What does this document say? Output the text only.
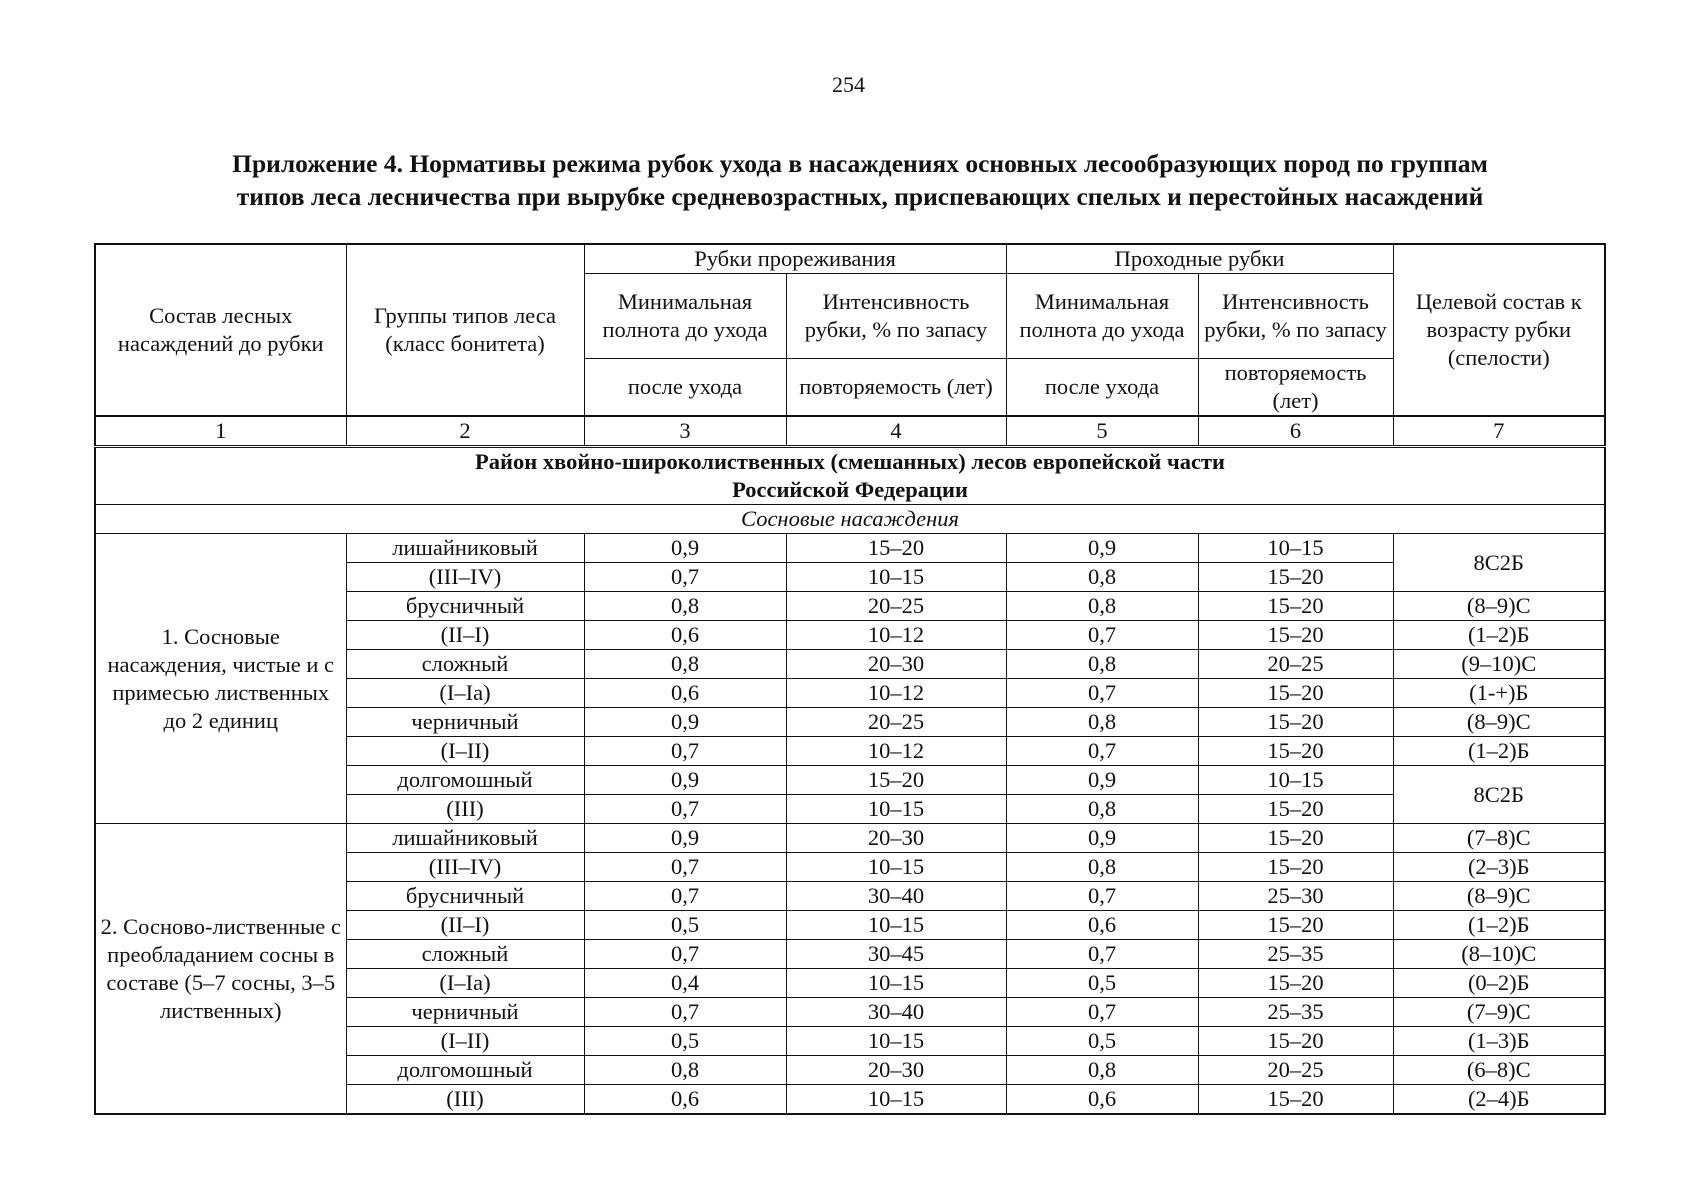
254
Приложение 4. Нормативы режима рубок ухода в насаждениях основных лесообразующих пород по группам
типов леса лесничества при вырубке средневозрастных, приспевающих спелых и перестойных насаждений
Состав лесных насаждений до рубки	Группы типов леса (класс бонитета)	Рубки прореживания		Проходные рубки		Целевой состав к возрасту рубки (спелости)
		Минимальная полнота до ухода	Интенсивность рубки, % по запасу	Минимальная полнота до ухода	Интенсивность рубки, % по запасу	
		после ухода	повторяемость (лет)	после ухода	повторяемость (лет)	
1	2	3	4	5	6	7

Район хвойно-широколиственных (смешанных) лесов европейской части
Российской Федерации						

Сосновые насаждения						
1. Сосновые насаждения, чистые и с примесью лиственных до 2 единиц	лишайниковый	0,9	15–20	0,9	10–15	8С2Б
	(III–IV)	0,7	10–15	0,8	15–20	
	брусничный	0,8	20–25	0,8	15–20	(8–9)С
	(II–I)	0,6	10–12	0,7	15–20	(1–2)Б
	сложный	0,8	20–30	0,8	20–25	(9–10)С
	(I–Ia)	0,6	10–12	0,7	15–20	(1-+)Б
	черничный	0,9	20–25	0,8	15–20	(8–9)С
	(I–II)	0,7	10–12	0,7	15–20	(1–2)Б
	долгомошный	0,9	15–20	0,9	10–15	8С2Б
	(III)	0,7	10–15	0,8	15–20	
2. Сосново-лиственные с преобладанием сосны в составе (5–7 сосны, 3–5 лиственных)	лишайниковый	0,9	20–30	0,9	15–20	(7–8)С
	(III–IV)	0,7	10–15	0,8	15–20	(2–3)Б
	брусничный	0,7	30–40	0,7	25–30	(8–9)С
	(II–I)	0,5	10–15	0,6	15–20	(1–2)Б
	сложный	0,7	30–45	0,7	25–35	(8–10)С
	(I–Ia)	0,4	10–15	0,5	15–20	(0–2)Б
	черничный	0,7	30–40	0,7	25–35	(7–9)С
	(I–II)	0,5	10–15	0,5	15–20	(1–3)Б
	долгомошный	0,8	20–30	0,8	20–25	(6–8)С
	(III)	0,6	10–15	0,6	15–20	(2–4)Б
